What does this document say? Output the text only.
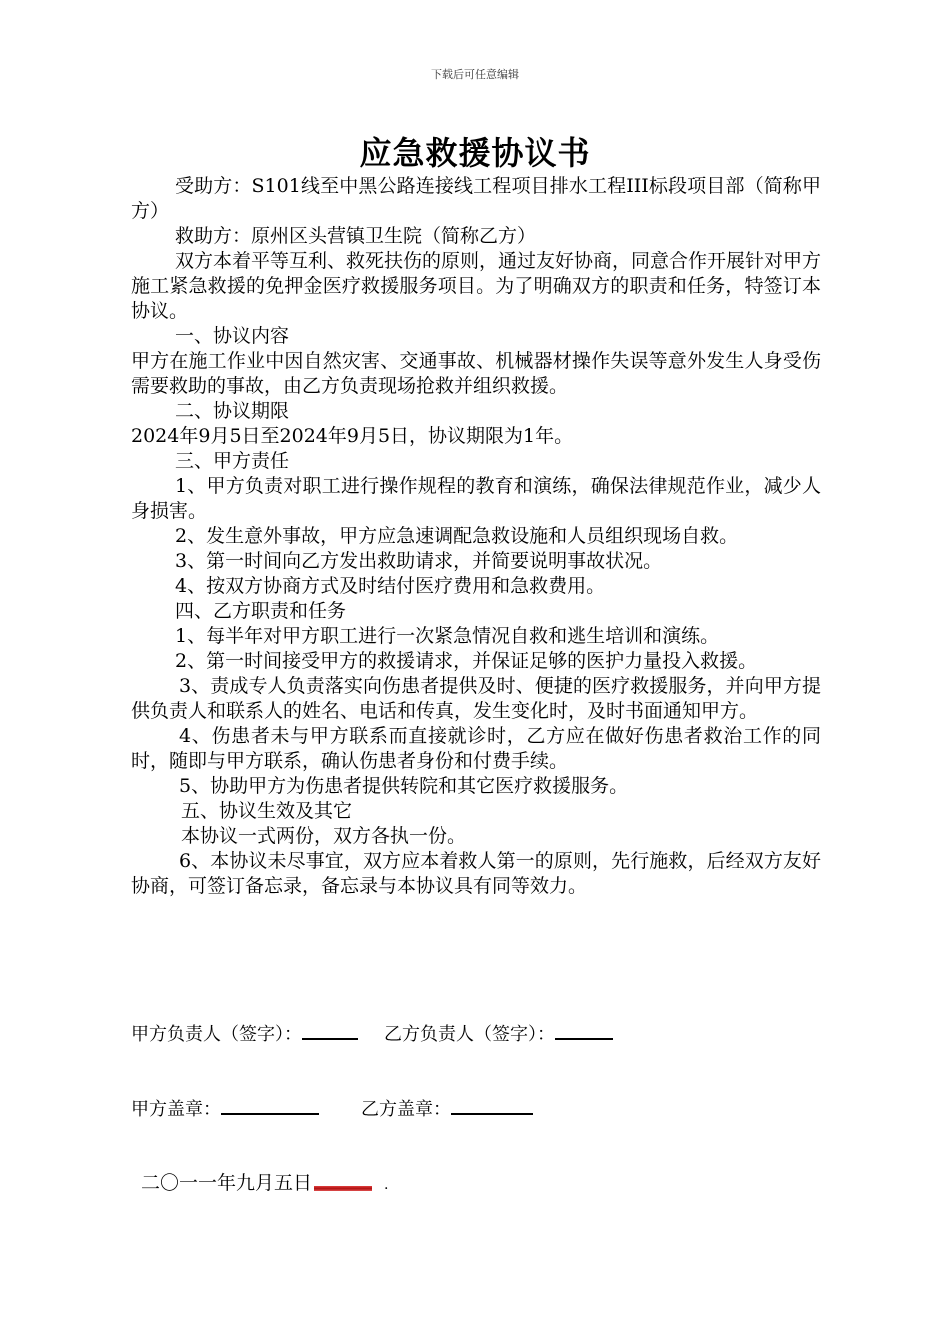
下载后可任意编辑
应急救援协议书

受助方：S101线至中黑公路连接线工程项目排水工程III标段项目部（简称甲方）

救助方：原州区头营镇卫生院（简称乙方）

双方本着平等互利、救死扶伤的原则，通过友好协商，同意合作开展针对甲方施工紧急救援的免押金医疗救援服务项目。为了明确双方的职责和任务，特签订本协议。

一、协议内容

甲方在施工作业中因自然灾害、交通事故、机械器材操作失误等意外发生人身受伤需要救助的事故，由乙方负责现场抢救并组织救援。

二、协议期限

2024年9月5日至2024年9月5日，协议期限为1年。

三、甲方责任

1、甲方负责对职工进行操作规程的教育和演练，确保法律规范作业，减少人身损害。

2、发生意外事故，甲方应急速调配急救设施和人员组织现场自救。

3、第一时间向乙方发出救助请求，并简要说明事故状况。

4、按双方协商方式及时结付医疗费用和急救费用。

四、乙方职责和任务

1、每半年对甲方职工进行一次紧急情况自救和逃生培训和演练。

2、第一时间接受甲方的救援请求，并保证足够的医护力量投入救援。

3、责成专人负责落实向伤患者提供及时、便捷的医疗救援服务，并向甲方提供负责人和联系人的姓名、电话和传真，发生变化时，及时书面通知甲方。

4、伤患者未与甲方联系而直接就诊时，乙方应在做好伤患者救治工作的同时，随即与甲方联系，确认伤患者身份和付费手续。

5、协助甲方为伤患者提供转院和其它医疗救援服务。

五、协议生效及其它

本协议一式两份，双方各执一份。

6、本协议未尽事宜，双方应本着救人第一的原则，先行施救，后经双方友好协商，可签订备忘录，备忘录与本协议具有同等效力。

甲方负责人（签字）：	乙方负责人（签字）：
甲方盖章：	乙方盖章：
二〇一一年九月五日	.
